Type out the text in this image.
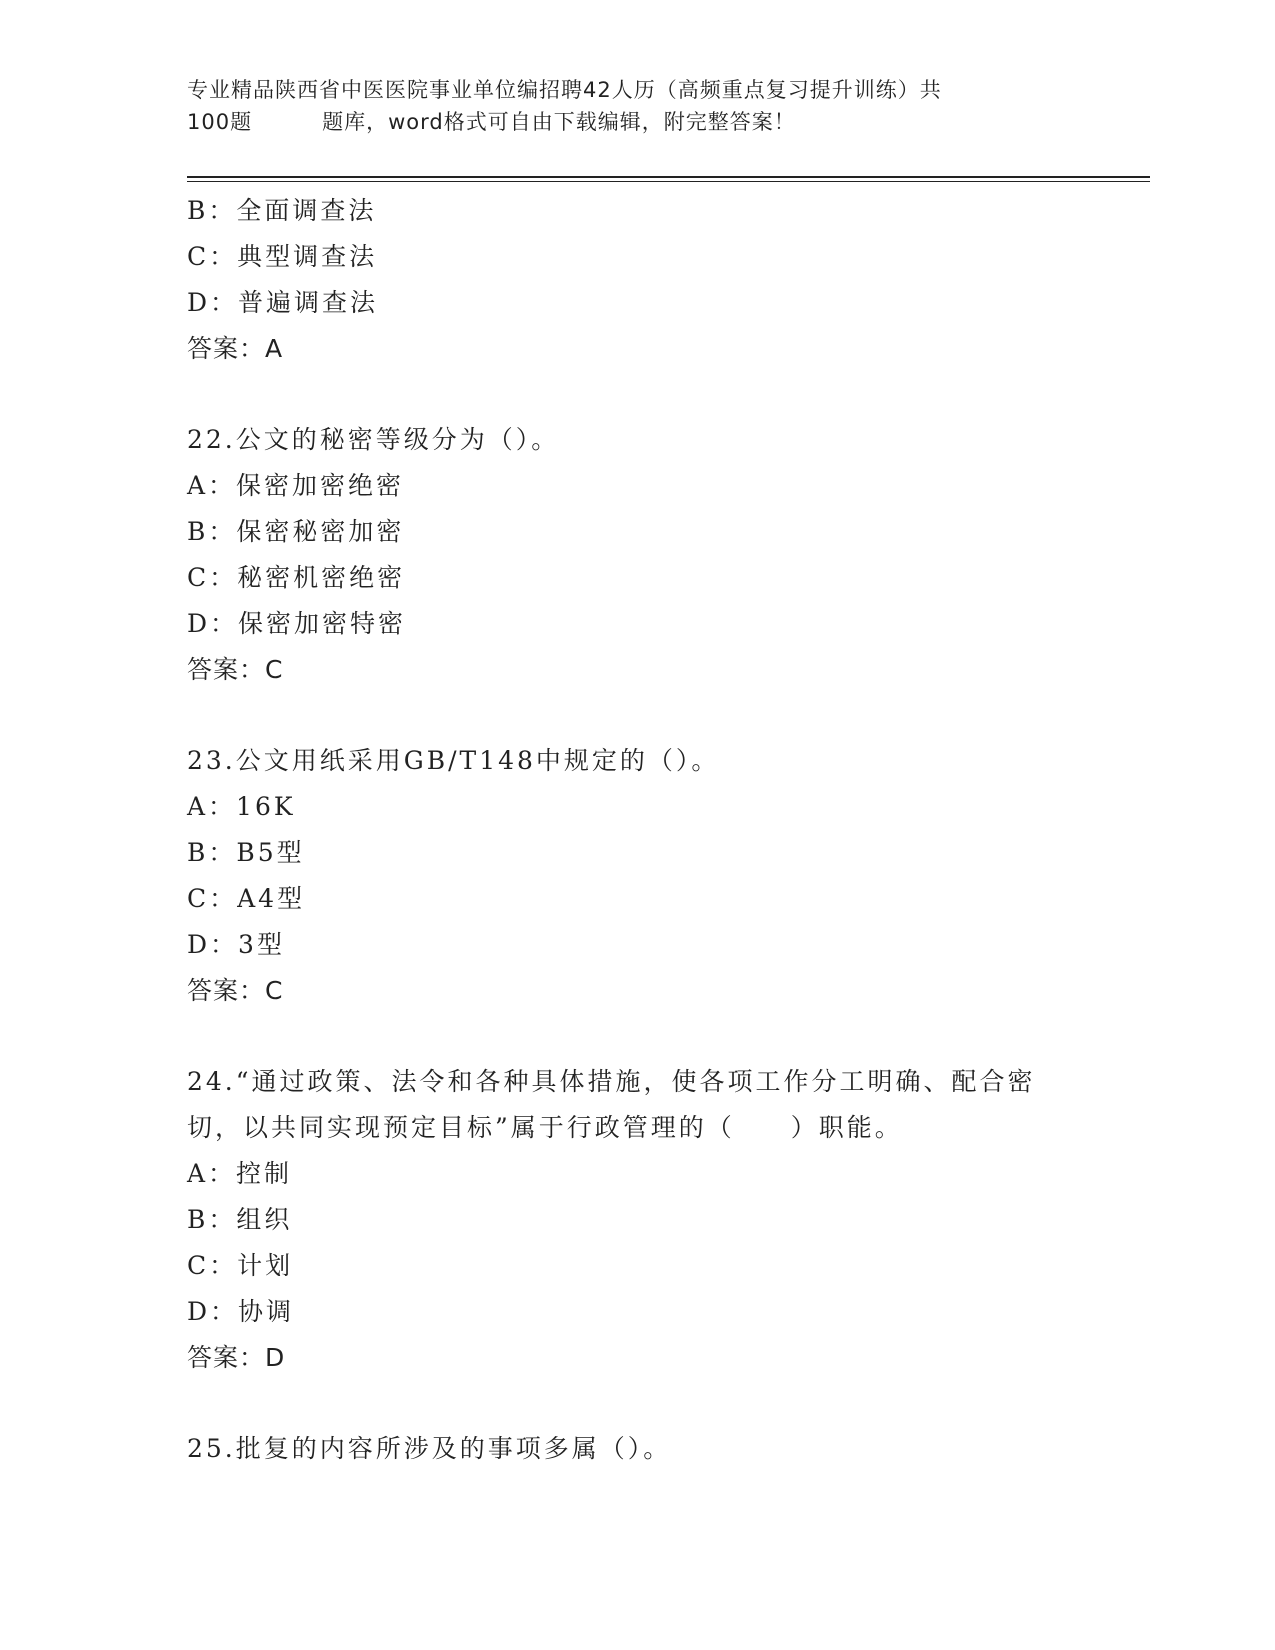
专业精品陕西省中医医院事业单位编招聘42人历（高频重点复习提升训练）共
100题	题库，word格式可自由下载编辑，附完整答案！
B：全面调查法
C：典型调查法
D：普遍调查法
答案：A
22.公文的秘密等级分为（）。
A：保密加密绝密
B：保密秘密加密
C：秘密机密绝密
D：保密加密特密
答案：C
23.公文用纸采用GB/T148中规定的（）。
A：16K
B：B5型
C：A4型
D：3型
答案：C
24.“通过政策、法令和各种具体措施，使各项工作分工明确、配合密
切，以共同实现预定目标”属于行政管理的（　　）职能。
A：控制
B：组织
C：计划
D：协调
答案：D
25.批复的内容所涉及的事项多属（）。
